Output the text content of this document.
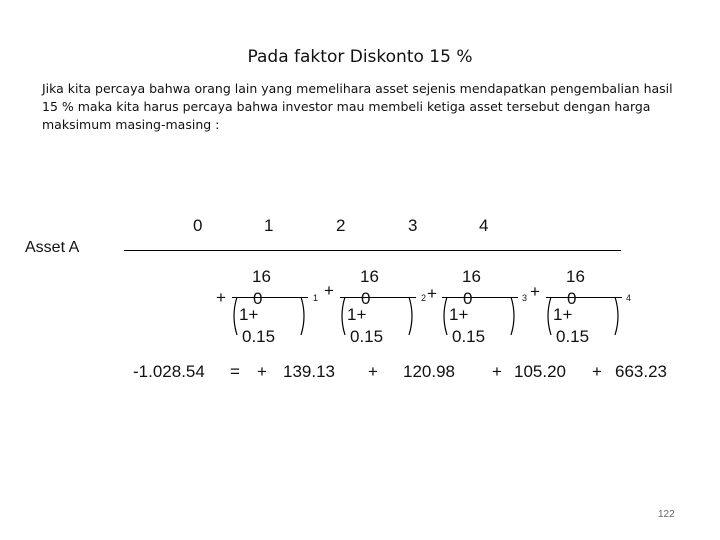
Pada faktor Diskonto 15 %
Jika kita percaya bahwa orang lain yang memelihara asset sejenis mendapatkan pengembalian hasil 15 % maka kita harus percaya bahwa investor mau membeli ketiga asset tersebut dengan harga maksimum masing-masing :
0	1	2	3	4
Asset A
+
16
0
1+
0.15
1 +
16
0
1+
0.15
2 +
16
0
1+
0.15
3 +
16
0
1+
0.15
4
-1.028.54 = + 139.13 + 120.98 + 105.20 + 663.23
122
